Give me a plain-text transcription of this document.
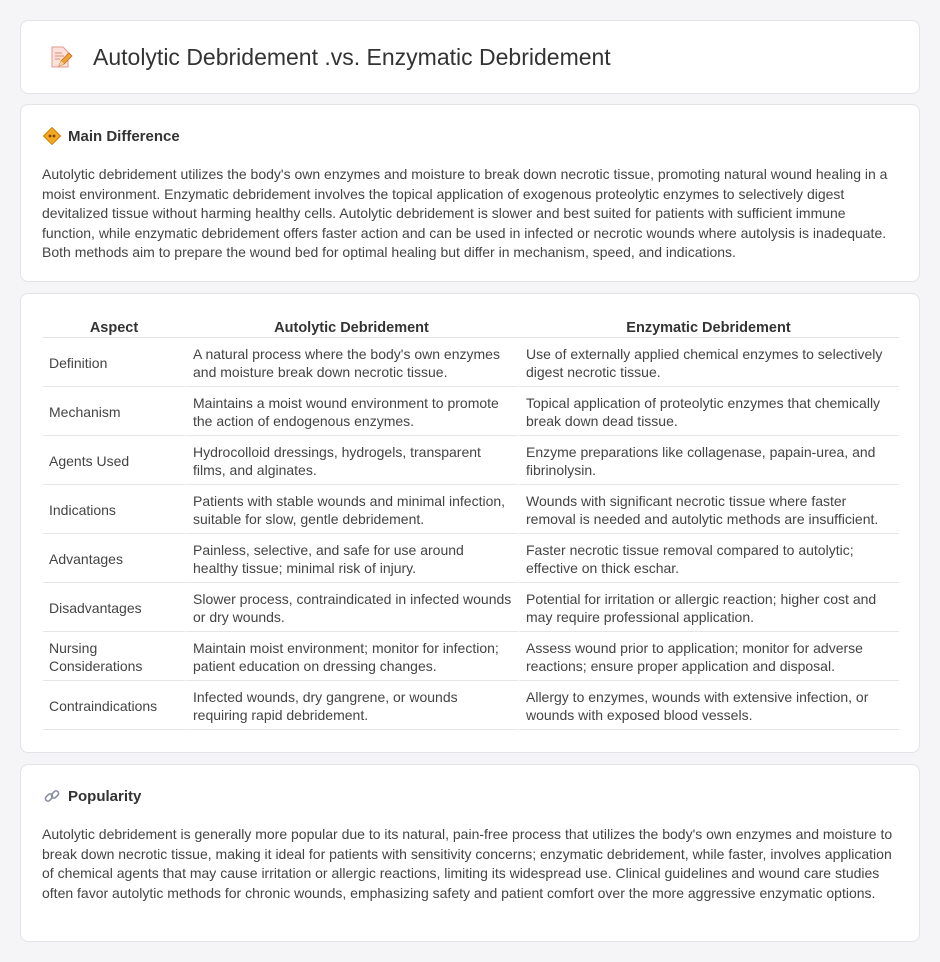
Autolytic Debridement .vs. Enzymatic Debridement
Main Difference

Autolytic debridement utilizes the body's own enzymes and moisture to break down necrotic tissue, promoting natural wound healing in a moist environment. Enzymatic debridement involves the topical application of exogenous proteolytic enzymes to selectively digest devitalized tissue without harming healthy cells. Autolytic debridement is slower and best suited for patients with sufficient immune function, while enzymatic debridement offers faster action and can be used in infected or necrotic wounds where autolysis is inadequate. Both methods aim to prepare the wound bed for optimal healing but differ in mechanism, speed, and indications.

Aspect	Autolytic Debridement	Enzymatic Debridement
Definition	A natural process where the body's own enzymes and moisture break down necrotic tissue.	Use of externally applied chemical enzymes to selectively digest necrotic tissue.
Mechanism	Maintains a moist wound environment to promote the action of endogenous enzymes.	Topical application of proteolytic enzymes that chemically break down dead tissue.
Agents Used	Hydrocolloid dressings, hydrogels, transparent films, and alginates.	Enzyme preparations like collagenase, papain-urea, and fibrinolysin.
Indications	Patients with stable wounds and minimal infection, suitable for slow, gentle debridement.	Wounds with significant necrotic tissue where faster removal is needed and autolytic methods are insufficient.
Advantages	Painless, selective, and safe for use around healthy tissue; minimal risk of injury.	Faster necrotic tissue removal compared to autolytic; effective on thick eschar.
Disadvantages	Slower process, contraindicated in infected wounds or dry wounds.	Potential for irritation or allergic reaction; higher cost and may require professional application.
Nursing Considerations	Maintain moist environment; monitor for infection; patient education on dressing changes.	Assess wound prior to application; monitor for adverse reactions; ensure proper application and disposal.
Contraindications	Infected wounds, dry gangrene, or wounds requiring rapid debridement.	Allergy to enzymes, wounds with extensive infection, or wounds with exposed blood vessels.
Popularity

Autolytic debridement is generally more popular due to its natural, pain-free process that utilizes the body's own enzymes and moisture to break down necrotic tissue, making it ideal for patients with sensitivity concerns; enzymatic debridement, while faster, involves application of chemical agents that may cause irritation or allergic reactions, limiting its widespread use. Clinical guidelines and wound care studies often favor autolytic methods for chronic wounds, emphasizing safety and patient comfort over the more aggressive enzymatic options.
